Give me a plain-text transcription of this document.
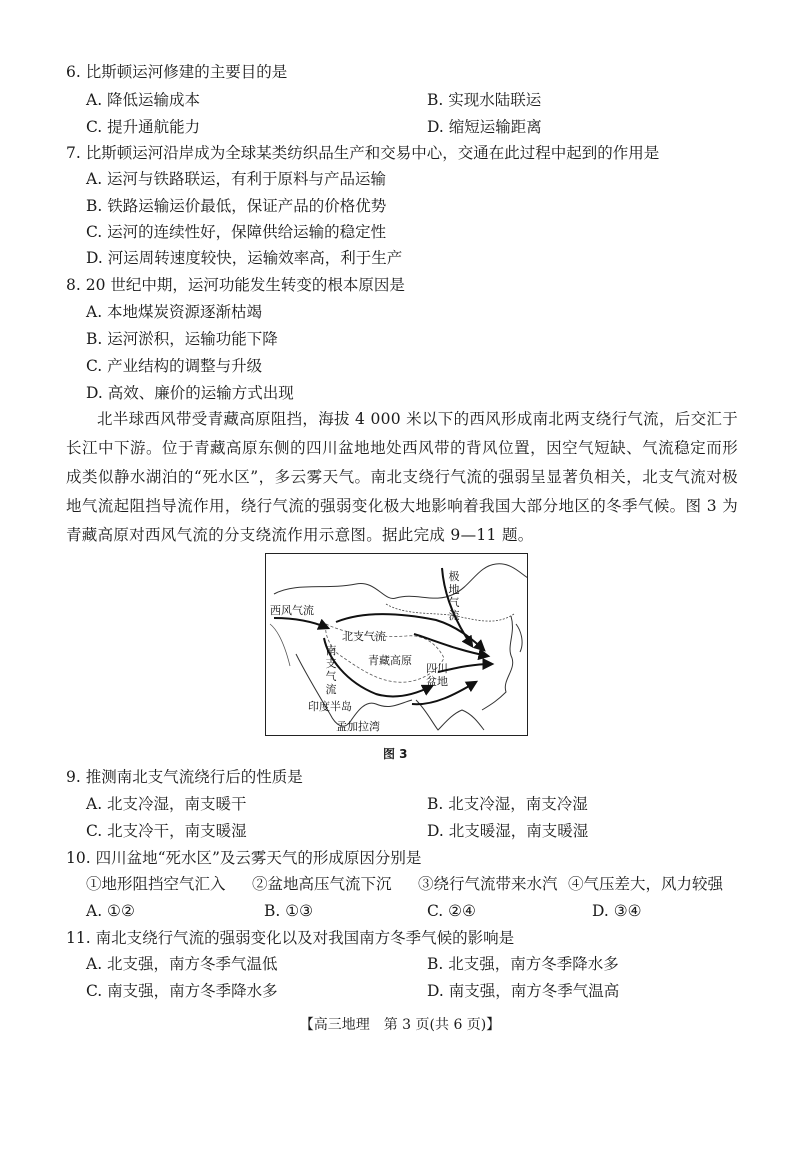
6. 比斯顿运河修建的主要目的是
A. 降低运输成本	B. 实现水陆联运
C. 提升通航能力	D. 缩短运输距离
7. 比斯顿运河沿岸成为全球某类纺织品生产和交易中心，交通在此过程中起到的作用是
A. 运河与铁路联运，有利于原料与产品运输
B. 铁路运输运价最低，保证产品的价格优势
C. 运河的连续性好，保障供给运输的稳定性
D. 河运周转速度较快，运输效率高，利于生产
8. 20 世纪中期，运河功能发生转变的根本原因是
A. 本地煤炭资源逐渐枯竭
B. 运河淤积，运输功能下降
C. 产业结构的调整与升级
D. 高效、廉价的运输方式出现
北半球西风带受青藏高原阻挡，海拔 4 000 米以下的西风形成南北两支绕行气流，后交汇于长江中下游。位于青藏高原东侧的四川盆地地处西风带的背风位置，因空气短缺、气流稳定而形成类似静水湖泊的“死水区”，多云雾天气。南北支绕行气流的强弱呈显著负相关，北支气流对极地气流起阻挡导流作用，绕行气流的强弱变化极大地影响着我国大部分地区的冬季气候。图 3 为青藏高原对西风气流的分支绕流作用示意图。据此完成 9—11 题。
西风气流
北支气流
南支气流
极地气流
青藏高原
四川盆地
印度半岛
孟加拉湾
图 3
9. 推测南北支气流绕行后的性质是
A. 北支冷湿，南支暖干	B. 北支冷湿，南支冷湿
C. 北支冷干，南支暖湿	D. 北支暖湿，南支暖湿
10. 四川盆地“死水区”及云雾天气的形成原因分别是
①地形阻挡空气汇入 ②盆地高压气流下沉 ③绕行气流带来水汽 ④气压差大，风力较强
A. ①②	B. ①③	C. ②④	D. ③④
11. 南北支绕行气流的强弱变化以及对我国南方冬季气候的影响是
A. 北支强，南方冬季气温低	B. 北支强，南方冬季降水多
C. 南支强，南方冬季降水多	D. 南支强，南方冬季气温高
【高三地理　第 3 页(共 6 页)】
